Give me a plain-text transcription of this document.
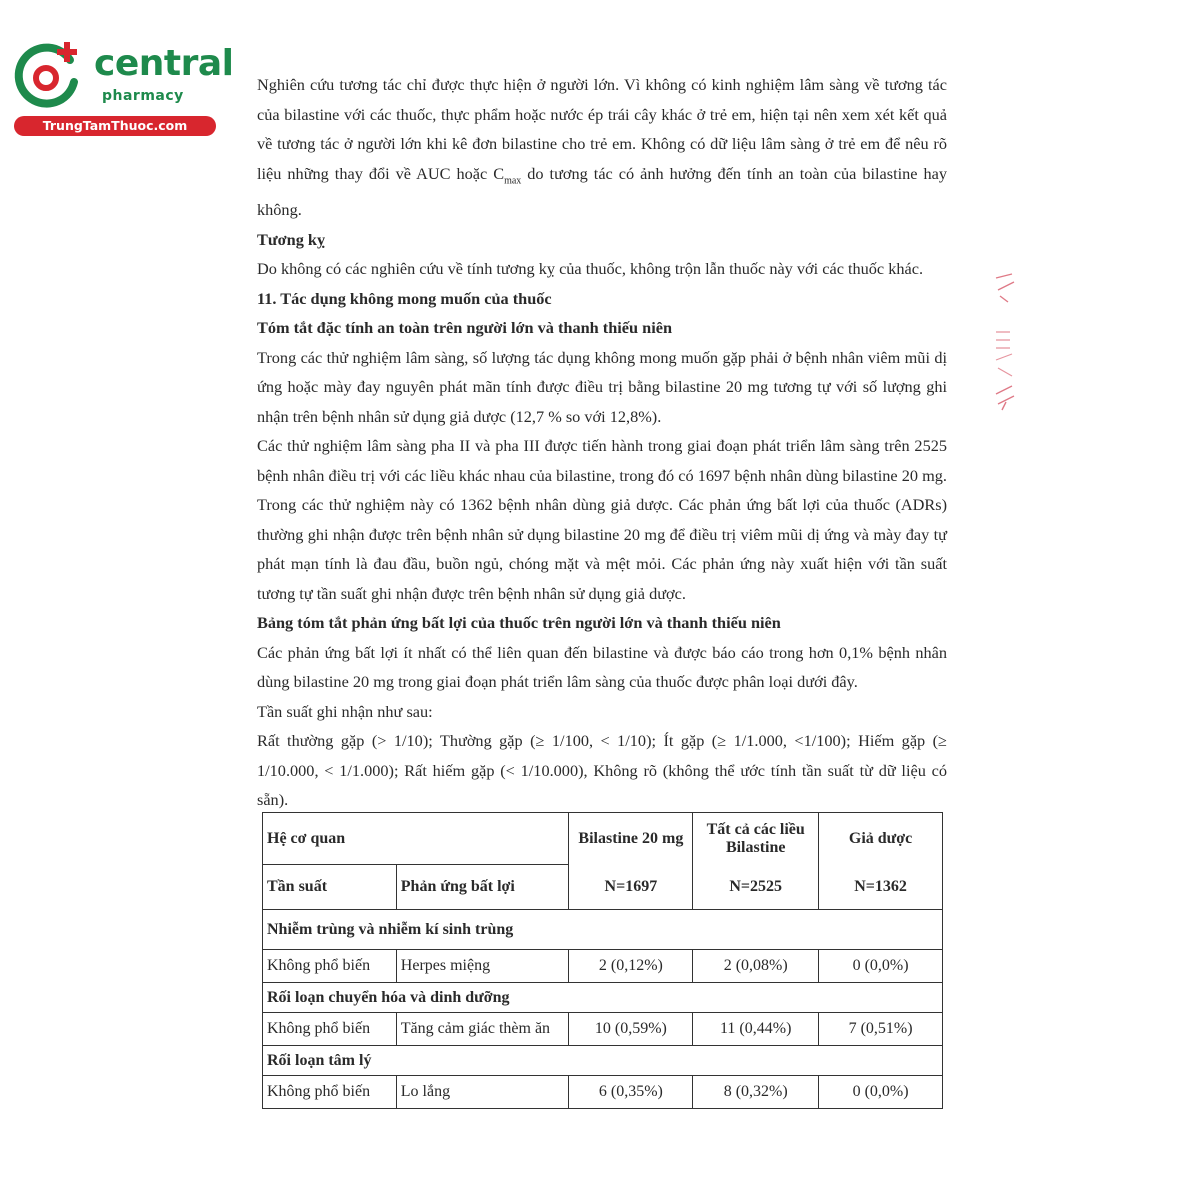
central
pharmacy
TrungTamThuoc.com

Nghiên cứu tương tác chỉ được thực hiện ở người lớn. Vì không có kinh nghiệm lâm sàng về tương tác của bilastine với các thuốc, thực phẩm hoặc nước ép trái cây khác ở trẻ em, hiện tại nên xem xét kết quả về tương tác ở người lớn khi kê đơn bilastine cho trẻ em. Không có dữ liệu lâm sàng ở trẻ em để nêu rõ liệu những thay đổi về AUC hoặc $C_{max}$ do tương tác có ảnh hưởng đến tính an toàn của bilastine hay không.

Tương kỵ

Do không có các nghiên cứu về tính tương kỵ của thuốc, không trộn lẫn thuốc này với các thuốc khác.

11. Tác dụng không mong muốn của thuốc

Tóm tắt đặc tính an toàn trên người lớn và thanh thiếu niên

Trong các thử nghiệm lâm sàng, số lượng tác dụng không mong muốn gặp phải ở bệnh nhân viêm mũi dị ứng hoặc mày đay nguyên phát mãn tính được điều trị bằng bilastine 20 mg tương tự với số lượng ghi nhận trên bệnh nhân sử dụng giả dược (12,7 % so với 12,8%).

Các thử nghiệm lâm sàng pha II và pha III được tiến hành trong giai đoạn phát triển lâm sàng trên 2525 bệnh nhân điều trị với các liều khác nhau của bilastine, trong đó có 1697 bệnh nhân dùng bilastine 20 mg. Trong các thử nghiệm này có 1362 bệnh nhân dùng giả dược. Các phản ứng bất lợi của thuốc (ADRs) thường ghi nhận được trên bệnh nhân sử dụng bilastine 20 mg để điều trị viêm mũi dị ứng và mày đay tự phát mạn tính là đau đầu, buồn ngủ, chóng mặt và mệt mỏi. Các phản ứng này xuất hiện với tần suất tương tự tần suất ghi nhận được trên bệnh nhân sử dụng giả dược.

Bảng tóm tắt phản ứng bất lợi của thuốc trên người lớn và thanh thiếu niên

Các phản ứng bất lợi ít nhất có thể liên quan đến bilastine và được báo cáo trong hơn 0,1% bệnh nhân dùng bilastine 20 mg trong giai đoạn phát triển lâm sàng của thuốc được phân loại dưới đây.

Tần suất ghi nhận như sau:

Rất thường gặp (> 1/10); Thường gặp (≥ 1/100, < 1/10); Ít gặp (≥ 1/1.000, <1/100); Hiếm gặp (≥ 1/10.000, < 1/1.000); Rất hiếm gặp (< 1/10.000), Không rõ (không thể ước tính tần suất từ dữ liệu có sẵn).

Hệ cơ quan		Bilastine 20 mg	Tất cả các liều Bilastine	Giả dược
Tần suất	Phản ứng bất lợi	N=1697	N=2525	N=1362
Nhiễm trùng và nhiễm kí sinh trùng				
Không phổ biến	Herpes miệng	2 (0,12%)	2 (0,08%)	0 (0,0%)
Rối loạn chuyển hóa và dinh dưỡng				
Không phổ biến	Tăng cảm giác thèm ăn	10 (0,59%)	11 (0,44%)	7 (0,51%)
Rối loạn tâm lý				
Không phổ biến	Lo lắng	6 (0,35%)	8 (0,32%)	0 (0,0%)
